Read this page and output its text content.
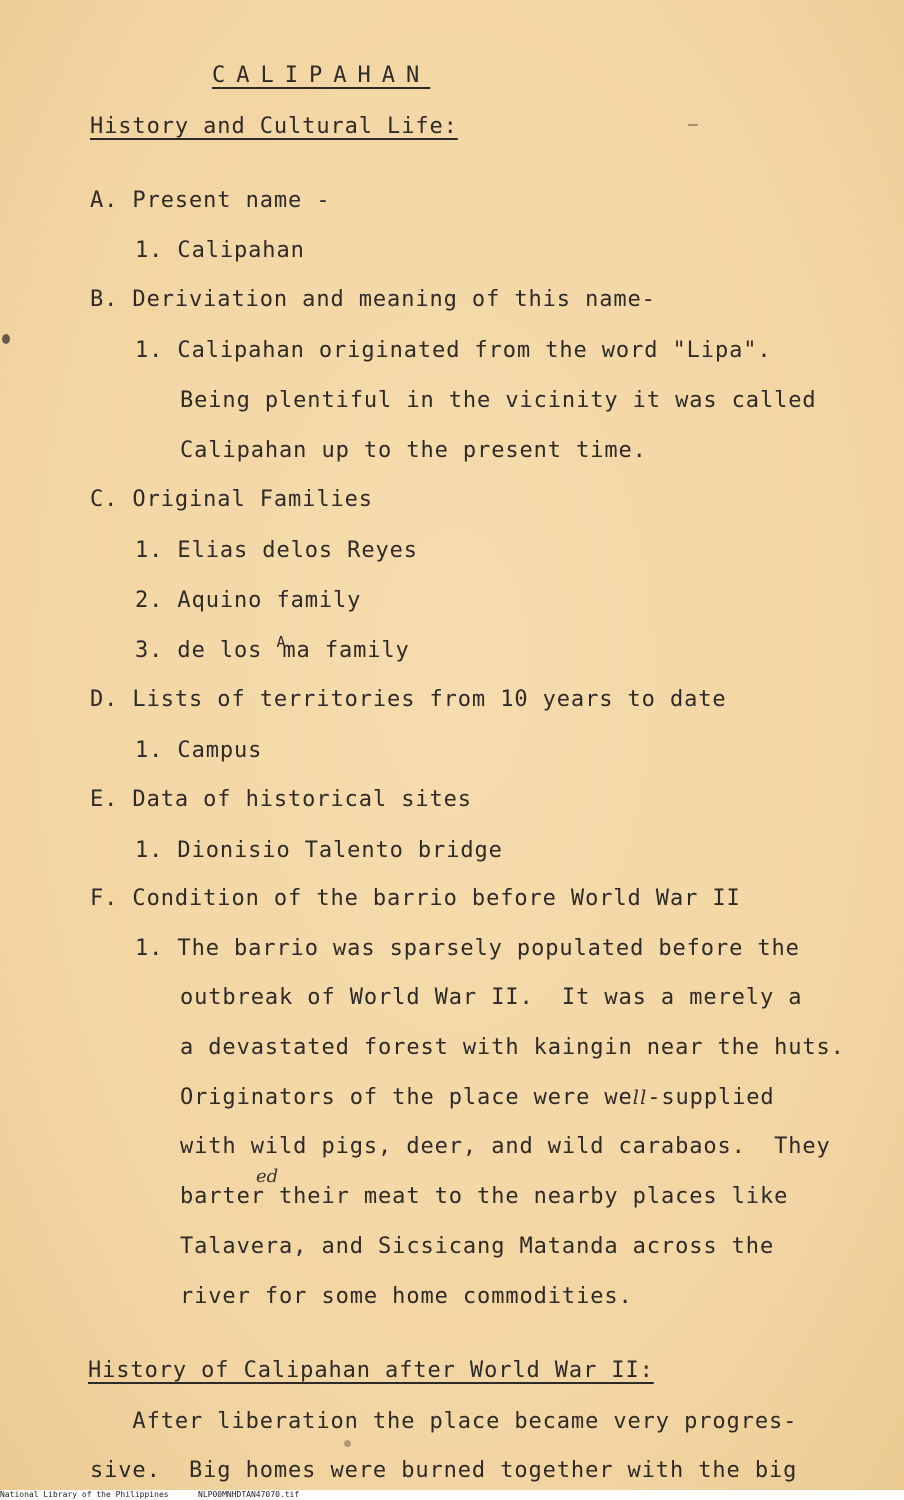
CALIPAHAN
History and Cultural Life:
A. Present name -
1. Calipahan
B. Deriviation and meaning of this name-
1. Calipahan originated from the word "Lipa".
Being plentiful in the vicinity it was called
Calipahan up to the present time.
C. Original Families
1. Elias delos Reyes
2. Aquino family
3. de los $^A$ma family
D. Lists of territories from 10 years to date
1. Campus
E. Data of historical sites
1. Dionisio Talento bridge
F. Condition of the barrio before World War II
1. The barrio was sparsely populated before the
outbreak of World War II.  It was a merely a
a devastated forest with kaingin near the huts.
Originators of the place were well-supplied
with wild pigs, deer, and wild carabaos.  They
ed
barter their meat to the nearby places like
Talavera, and Sicsicang Matanda across the
river for some home commodities.
History of Calipahan after World War II:
After liberation the place became very progres-
sive.  Big homes were burned together with the big
National Library of the Philippines	NLP00MNHDTAN47070.tif
